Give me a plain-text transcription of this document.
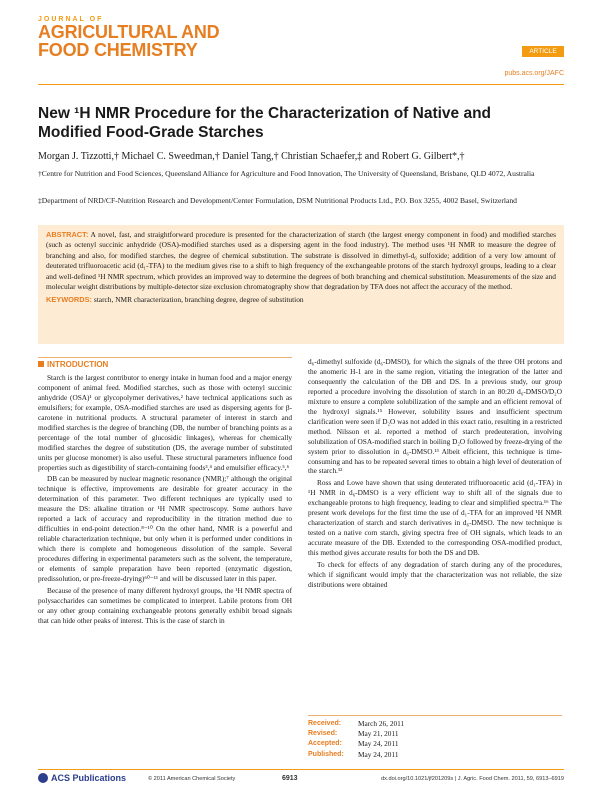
JOURNAL OF
AGRICULTURAL AND
FOOD CHEMISTRY	ARTICLE
pubs.acs.org/JAFC
New ¹H NMR Procedure for the Characterization of Native and Modified Food-Grade Starches
Morgan J. Tizzotti,† Michael C. Sweedman,† Daniel Tang,† Christian Schaefer,‡ and Robert G. Gilbert*,†
†Centre for Nutrition and Food Sciences, Queensland Alliance for Agriculture and Food Innovation, The University of Queensland, Brisbane, QLD 4072, Australia
‡Department of NRD/CF-Nutrition Research and Development/Center Formulation, DSM Nutritional Products Ltd., P.O. Box 3255, 4002 Basel, Switzerland
ABSTRACT: A novel, fast, and straightforward procedure is presented for the characterization of starch (the largest energy component in food) and modified starches (such as octenyl succinic anhydride (OSA)-modified starches used as a dispersing agent in the food industry). The method uses ¹H NMR to measure the degree of branching and also, for modified starches, the degree of chemical substitution. The substrate is dissolved in dimethyl-d₆ sulfoxide; addition of a very low amount of deuterated trifluoroacetic acid (d₁-TFA) to the medium gives rise to a shift to high frequency of the exchangeable protons of the starch hydroxyl groups, leading to a clear and well-defined ¹H NMR spectrum, which provides an improved way to determine the degrees of both branching and chemical substitution. Measurements of the size and molecular weight distributions by multiple-detector size exclusion chromatography show that degradation by TFA does not affect the accuracy of the method.
KEYWORDS: starch, NMR characterization, branching degree, degree of substitution
INTRODUCTION

Starch is the largest contributor to energy intake in human food and a major energy component of animal feed. Modified starches, such as those with octenyl succinic anhydride (OSA)¹ or glycopolymer derivatives,² have technical applications such as emulsifiers; for example, OSA-modified starches are used as dispersing agents for β-carotene in nutritional products. A structural parameter of interest in starch and modified starches is the degree of branching (DB, the number of branching points as a percentage of the total number of glucosidic linkages), whereas for chemically modified starches the degree of substitution (DS, the average number of substituted units per glucose monomer) is also useful. These structural parameters influence food properties such as digestibility of starch-containing foods³,⁴ and emulsifier efficacy.⁵,⁶

DB can be measured by nuclear magnetic resonance (NMR);⁷ although the original technique is effective, improvements are desirable for greater accuracy in the determination of this parameter. Two different techniques are typically used to measure the DS: alkaline titration or ¹H NMR spectroscopy. Some authors have reported a lack of accuracy and reproducibility in the titration method due to difficulties in end-point detection.⁸⁻¹⁰ On the other hand, NMR is a powerful and reliable characterization technique, but only when it is performed under conditions in which there is complete and homogeneous dissolution of the sample. Several procedures differing in experimental parameters such as the solvent, the temperature, or elements of sample preparation have been reported (enzymatic digestion, predissolution, or pre-freeze-drying)⁶⁰⁻¹¹ and will be discussed later in this paper.

Because of the presence of many different hydroxyl groups, the ¹H NMR spectra of polysaccharides can sometimes be complicated to interpret. Labile protons from OH or any other group containing exchangeable protons generally exhibit broad signals that can hide other peaks of interest. This is the case of starch in

d₆-dimethyl sulfoxide (d₆-DMSO), for which the signals of the three OH protons and the anomeric H-1 are in the same region, vitiating the integration of the latter and consequently the calculation of the DB and DS. In a previous study, our group reported a procedure involving the dissolution of starch in an 80:20 d₆-DMSO/D₂O mixture to ensure a complete solubilization of the sample and an efficient removal of the hydroxyl signals.¹⁵ However, solubility issues and insufficient spectrum clarification were seen if D₂O was not added in this exact ratio, resulting in a restricted method. Nilsson et al. reported a method of starch predeuteration, involving solubilization of OSA-modified starch in boiling D₂O followed by freeze-drying of the system prior to dissolution in d₆-DMSO.¹³ Albeit efficient, this technique is time-consuming and has to be repeated several times to obtain a high level of deuteration of the starch.¹²

Ross and Lowe have shown that using deuterated trifluoroacetic acid (d₁-TFA) in ¹H NMR in d₆-DMSO is a very efficient way to shift all of the signals due to exchangeable protons to high frequency, leading to clear and simplified spectra.¹⁶ The present work develops for the first time the use of d₁-TFA for an improved ¹H NMR characterization of starch and starch derivatives in d₆-DMSO. The new technique is tested on a native corn starch, giving spectra free of OH signals, which leads to an accurate measure of the DB. Extended to the corresponding OSA-modified product, this method gives accurate results for both the DS and DB.

To check for effects of any degradation of starch during any of the procedures, which if significant would imply that the characterization was not reliable, the size distributions were obtained

Received:	March 26, 2011
Revised:	May 21, 2011
Accepted:	May 24, 2011
Published:	May 24, 2011
ACS Publications	© 2011 American Chemical Society	6913	dx.doi.org/10.1021/jf201209s | J. Agric. Food Chem. 2011, 59, 6913–6919
